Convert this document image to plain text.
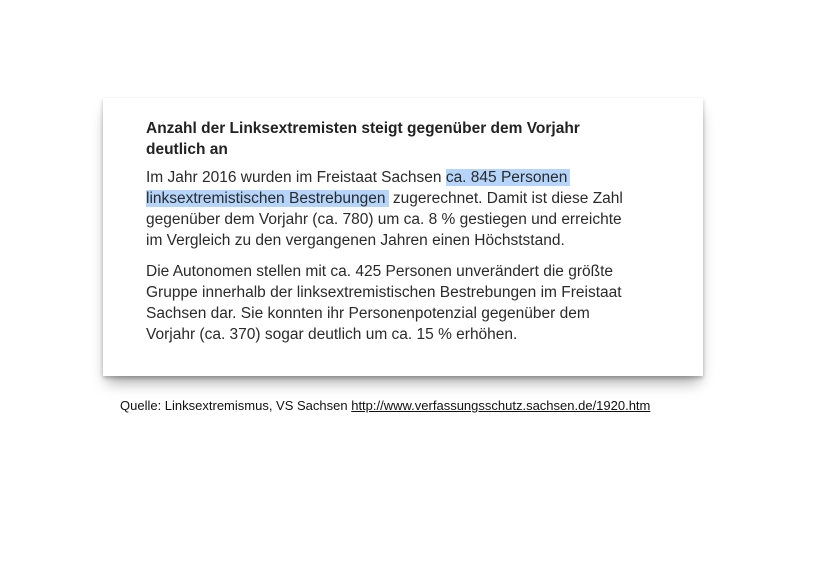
Anzahl der Linksextremisten steigt gegenüber dem Vorjahr
deutlich an
Im Jahr 2016 wurden im Freistaat Sachsen ca. 845 Personen
linksextremistischen Bestrebungen zugerechnet. Damit ist diese Zahl
gegenüber dem Vorjahr (ca. 780) um ca. 8 % gestiegen und erreichte
im Vergleich zu den vergangenen Jahren einen Höchststand.
Die Autonomen stellen mit ca. 425 Personen unverändert die größte
Gruppe innerhalb der linksextremistischen Bestrebungen im Freistaat
Sachsen dar. Sie konnten ihr Personenpotenzial gegenüber dem
Vorjahr (ca. 370) sogar deutlich um ca. 15 % erhöhen.
Quelle: Linksextremismus, VS Sachsen http://www.verfassungsschutz.sachsen.de/1920.htm
